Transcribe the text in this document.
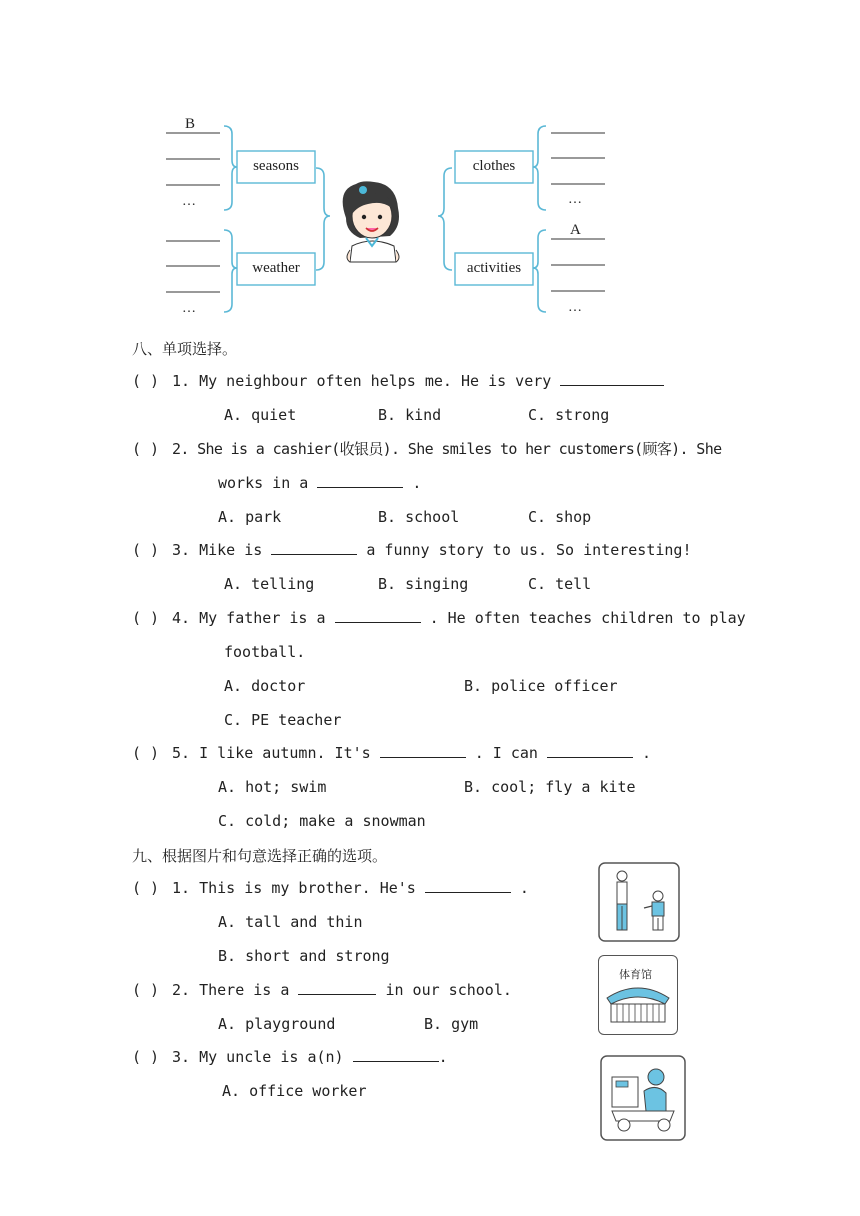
seasons
weather
clothes
activities
B
A
…
…
…
…
八、单项选择。
( ) 1. My neighbour often helps me. He is very
A. quiet	B. kind	C. strong
( ) 2. She is a cashier(收银员). She smiles to her customers(顾客). She
works in a	.
A. park	B. school	C. shop
( ) 3. Mike is	a funny story to us. So interesting!
A. telling	B. singing	C. tell
( ) 4. My father is a	. He often teaches children to play
football.
A. doctor	B. police officer
C. PE teacher
( ) 5. I like autumn. It's	. I can	.
A. hot; swim	B. cool; fly a kite
C. cold; make a snowman
九、根据图片和句意选择正确的选项。
( ) 1. This is my brother. He's	.
A. tall and thin
B. short and strong
( ) 2. There is a	in our school.
A. playground	B. gym
( ) 3. My uncle is a(n)	.
A. office worker
体育馆
